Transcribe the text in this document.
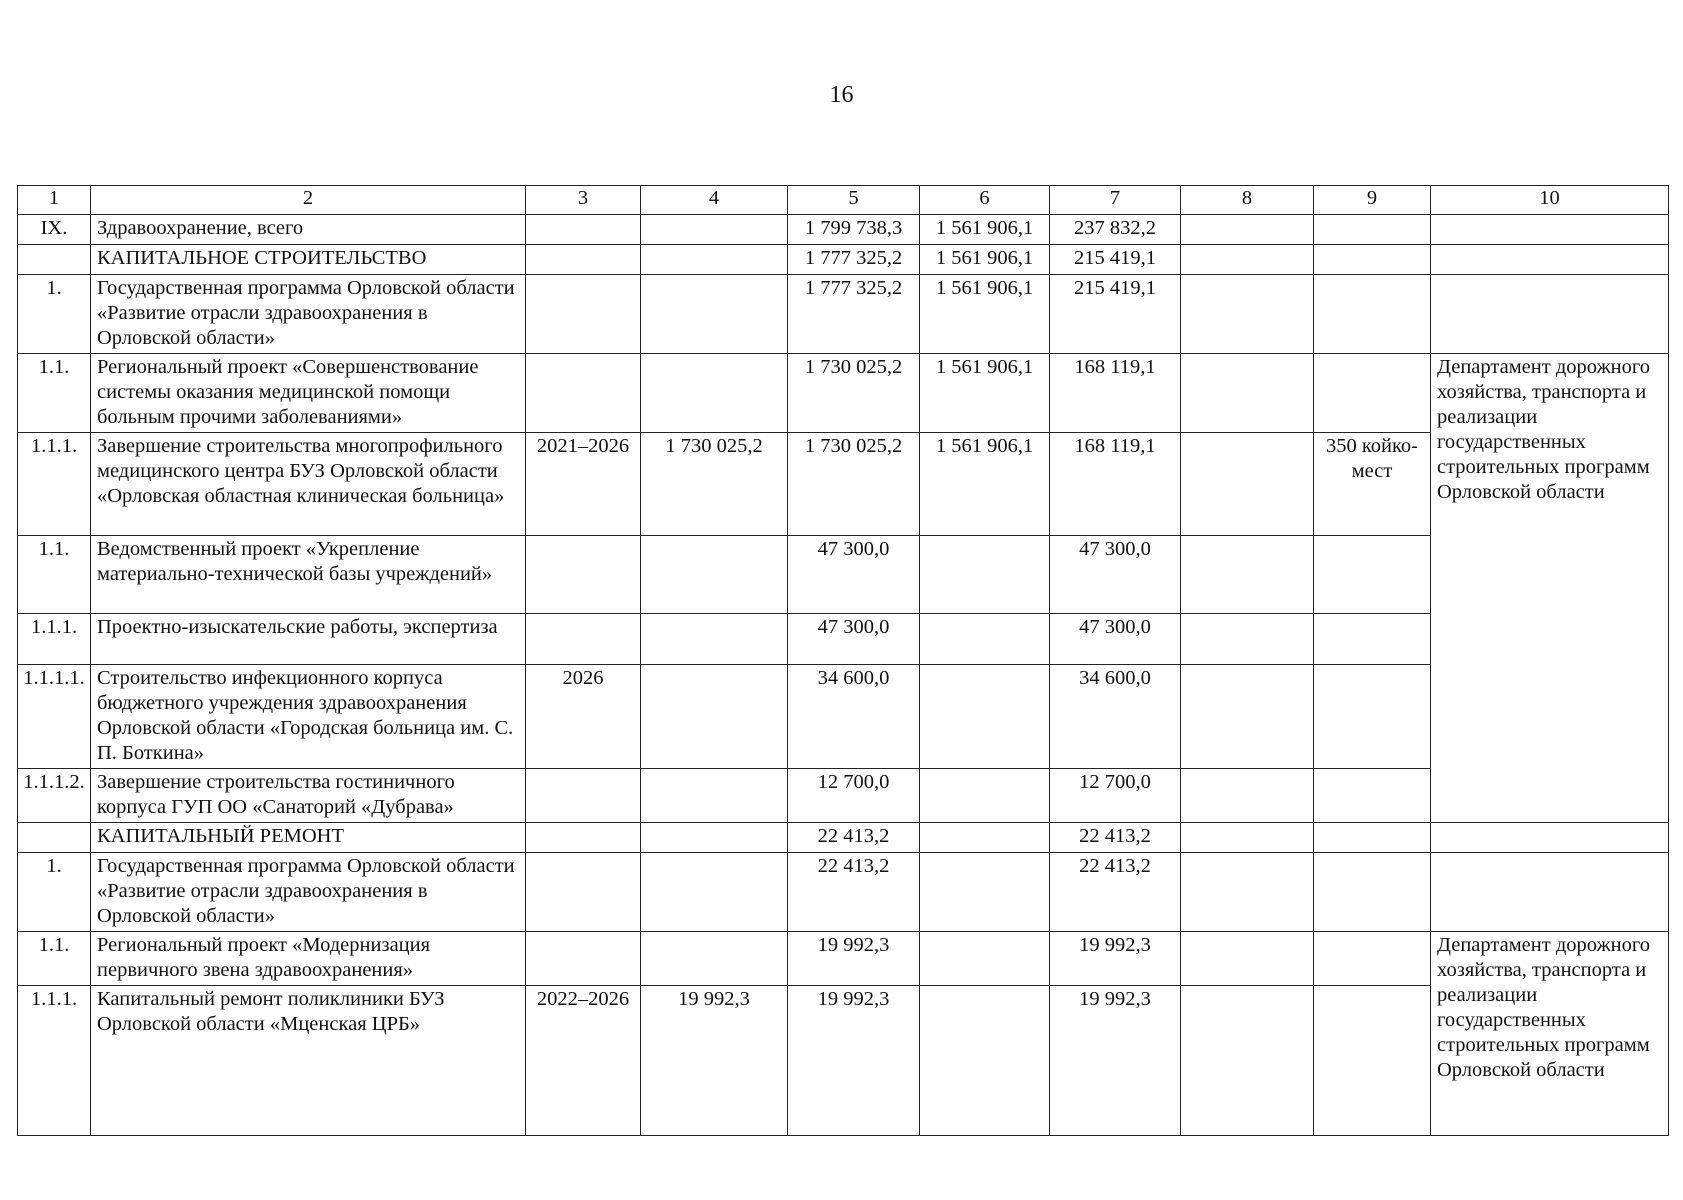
16
1	2	3	4	5	6	7	8	9	10	
IX.	Здравоохранение, всего			1 799 738,3	1 561 906,1	237 832,2				
	КАПИТАЛЬНОЕ СТРОИТЕЛЬСТВО			1 777 325,2	1 561 906,1	215 419,1				
1.	Государственная программа Орловской области «Развитие отрасли здравоохранения в Орловской области»			1 777 325,2	1 561 906,1	215 419,1				
1.1.	Региональный проект «Совершенствование системы оказания медицинской помощи больным прочими заболеваниями»			1 730 025,2	1 561 906,1	168 119,1			Департамент дорожного хозяйства, транспорта и реализации государственных строительных программ Орловской области	
1.1.1.	Завершение строительства многопрофильного медицинского центра БУЗ Орловской области «Орловская областная клиническая больница»	2021–2026	1 730 025,2	1 730 025,2	1 561 906,1	168 119,1		350 койко-мест		
1.1.	Ведомственный проект «Укрепление материально-технической базы учреждений»			47 300,0		47 300,0				
1.1.1.	Проектно-изыскательские работы, экспертиза			47 300,0		47 300,0				
1.1.1.1.	Строительство инфекционного корпуса бюджетного учреждения здравоохранения Орловской области «Городская больница им. С. П. Боткина»	2026		34 600,0		34 600,0				
1.1.1.2.	Завершение строительства гостиничного корпуса ГУП ОО «Санаторий «Дубрава»			12 700,0		12 700,0				
	КАПИТАЛЬНЫЙ РЕМОНТ			22 413,2		22 413,2				
1.	Государственная программа Орловской области «Развитие отрасли здравоохранения в Орловской области»			22 413,2		22 413,2				
1.1.	Региональный проект «Модернизация первичного звена здравоохранения»			19 992,3		19 992,3			Департамент дорожного хозяйства, транспорта и реализации государственных строительных программ Орловской области	
1.1.1.	Капитальный ремонт поликлиники БУЗ Орловской области «Мценская ЦРБ»	2022–2026	19 992,3	19 992,3		19 992,3				
